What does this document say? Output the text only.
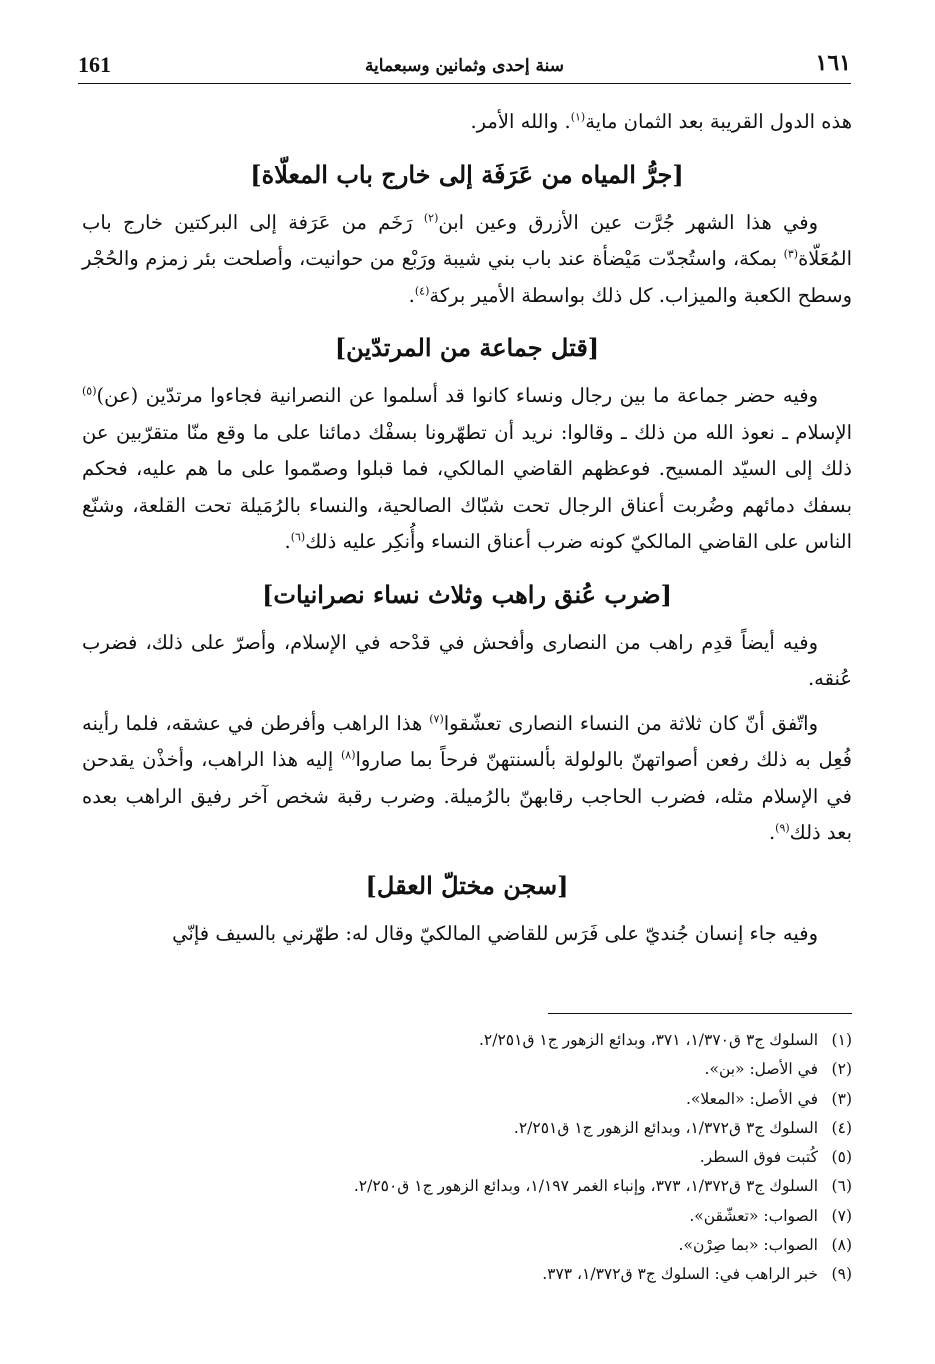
161	سنة إحدى وثمانين وسبعماية	١٦١

هذه الدول القريبة بعد الثمان ماية$^{(١)}$. والله الأمر.

[جرُّ المياه من عَرَفَة إلى خارج باب المعلّاة]

وفي هذا الشهر جُرَّت عين الأزرق وعين ابن$^{(٢)}$ رَخَم من عَرَفة إلى البركتين خارج باب المُعَلّاة$^{(٣)}$ بمكة، واستُجدّت مَيْضأة عند باب بني شيبة ورَبْع من حوانيت، وأصلحت بئر زمزم والحُجْر وسطح الكعبة والميزاب. كل ذلك بواسطة الأمير بركة$^{(٤)}$.

[قتل جماعة من المرتدّين]

وفيه حضر جماعة ما بين رجال ونساء كانوا قد أسلموا عن النصرانية فجاءوا مرتدّين (عن)$^{(٥)}$ الإسلام ـ نعوذ الله من ذلك ـ وقالوا: نريد أن تطهّرونا بسفْك دمائنا على ما وقع منّا متقرّبين عن ذلك إلى السيّد المسيح. فوعظهم القاضي المالكي، فما قبلوا وصمّموا على ما هم عليه، فحكم بسفك دمائهم وضُربت أعناق الرجال تحت شبّاك الصالحية، والنساء بالرُمَيلة تحت القلعة، وشنّع الناس على القاضي المالكيّ كونه ضرب أعناق النساء وأُنكِر عليه ذلك$^{(٦)}$.

[ضرب عُنق راهب وثلاث نساء نصرانيات]

وفيه أيضاً قدِم راهب من النصارى وأفحش في قدْحه في الإسلام، وأصرّ على ذلك، فضرب عُنقه.

واتّفق أنّ كان ثلاثة من النساء النصارى تعشّقوا$^{(٧)}$ هذا الراهب وأفرطن في عشقه، فلما رأينه فُعِل به ذلك رفعن أصواتهنّ بالولولة بألسنتهنّ فرحاً بما صاروا$^{(٨)}$ إليه هذا الراهب، وأخذْن يقدحن في الإسلام مثله، فضرب الحاجب رقابهنّ بالرُميلة. وضرب رقبة شخص آخر رفيق الراهب بعده بعد ذلك$^{(٩)}$.

[سجن مختلّ العقل]

وفيه جاء إنسان جُنديّ على فَرَس للقاضي المالكيّ وقال له: طهّرني بالسيف فإنّي

(١)السلوك ج٣ ق١/٣٧٠، ٣٧١، وبدائع الزهور ج١ ق٢/٢٥١.
(٢)في الأصل: «بن».
(٣)في الأصل: «المعلا».
(٤)السلوك ج٣ ق١/٣٧٢، وبدائع الزهور ج١ ق٢/٢٥١.
(٥)كُتبت فوق السطر.
(٦)السلوك ج٣ ق١/٣٧٢، ٣٧٣، وإنباء الغمر ١/١٩٧، وبدائع الزهور ج١ ق٢/٢٥٠.
(٧)الصواب: «تعشّقن».
(٨)الصواب: «بما صِرْن».
(٩)خبر الراهب في: السلوك ج٣ ق١/٣٧٢، ٣٧٣.
